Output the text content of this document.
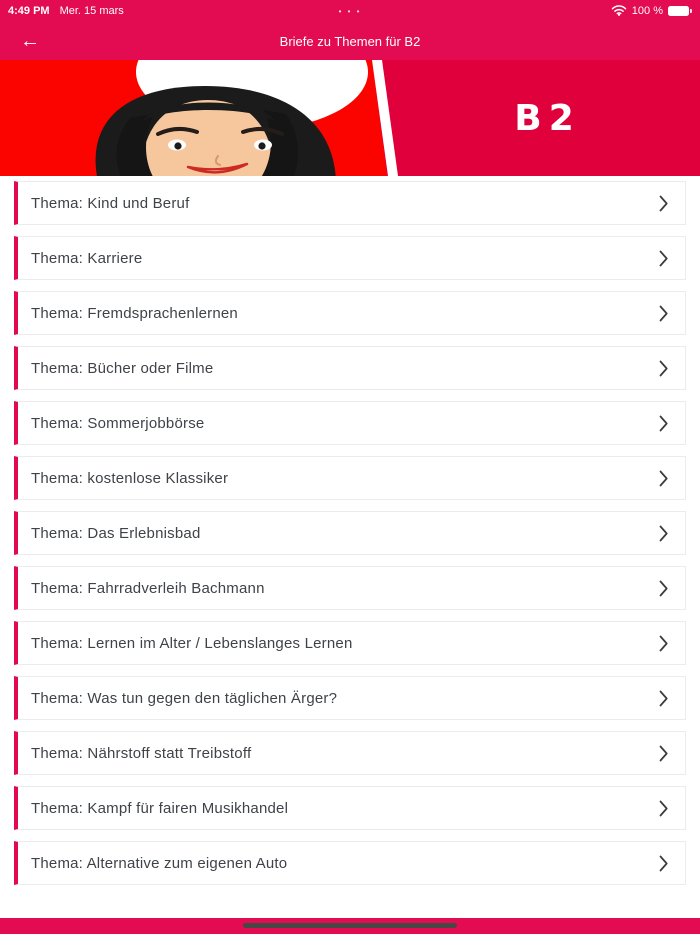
4:49 PM Mer. 15 mars	• • •	100 %
←	Briefe zu Themen für B2
B2
Thema: Kind und Beruf
Thema: Karriere
Thema: Fremdsprachenlernen
Thema: Bücher oder Filme
Thema: Sommerjobbörse
Thema: kostenlose Klassiker
Thema: Das Erlebnisbad
Thema: Fahrradverleih Bachmann
Thema: Lernen im Alter / Lebenslanges Lernen
Thema: Was tun gegen den täglichen Ärger?
Thema: Nährstoff statt Treibstoff
Thema: Kampf für fairen Musikhandel
Thema: Alternative zum eigenen Auto
